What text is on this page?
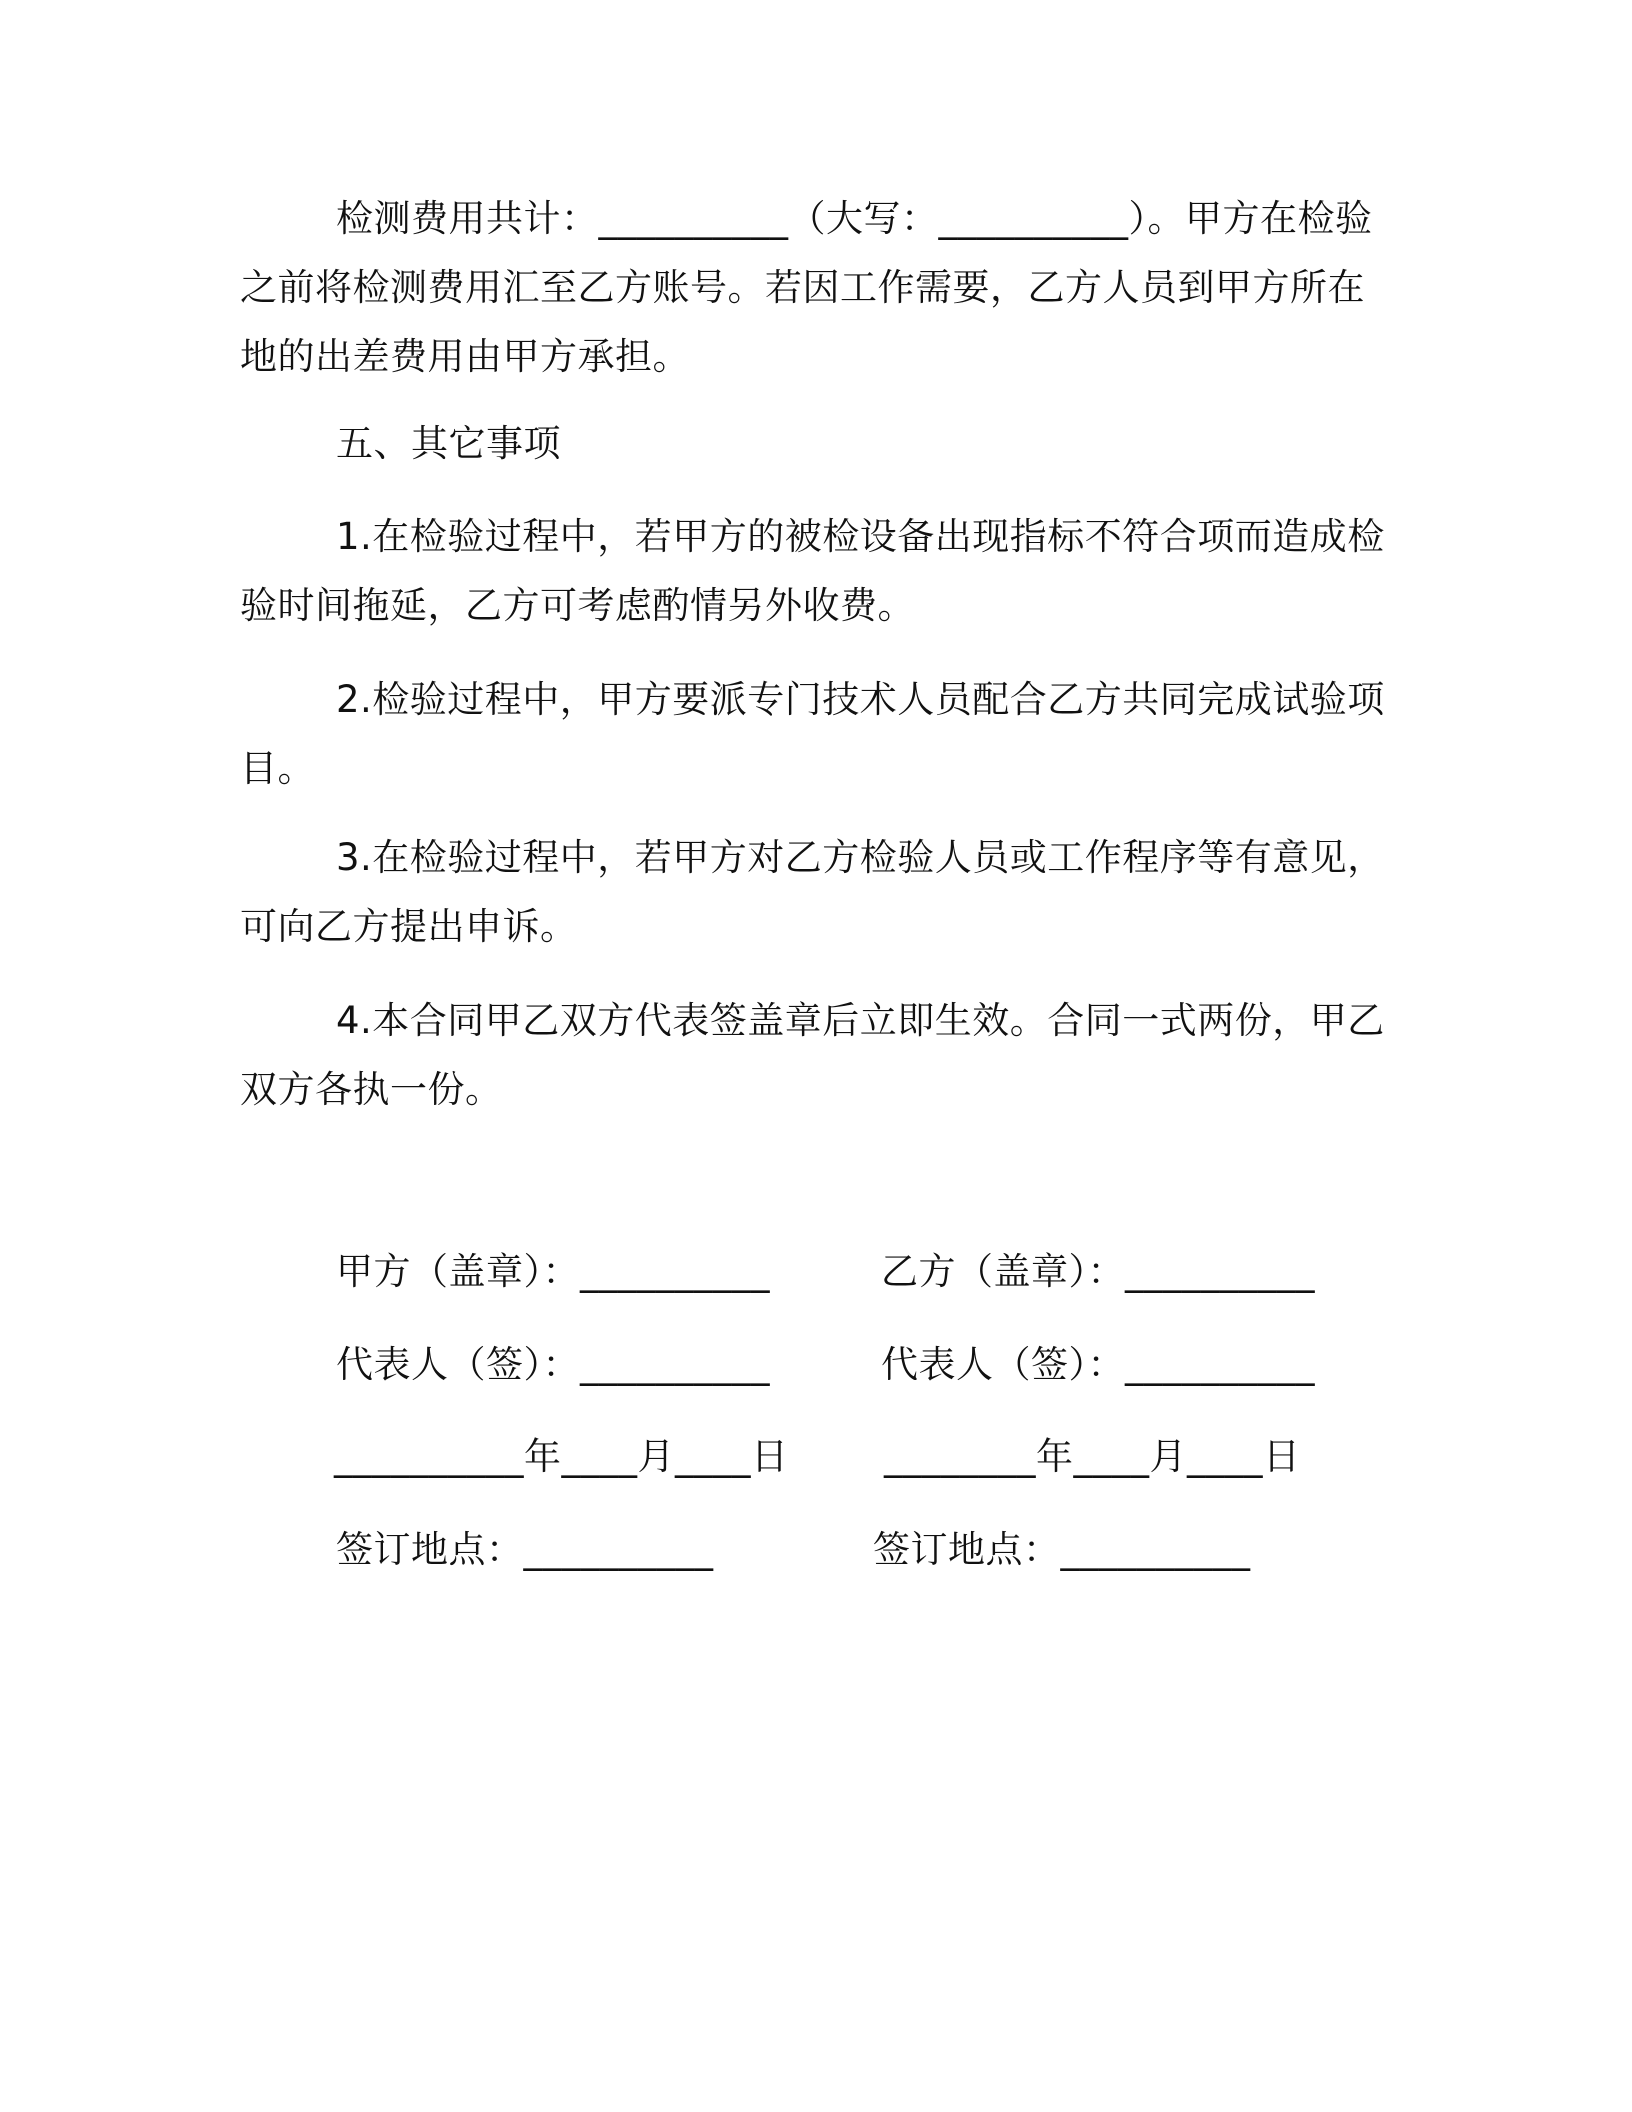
检测费用共计：__________（大写：__________）。甲方在检验之前将检测费用汇至乙方账号。若因工作需要，乙方人员到甲方所在地的出差费用由甲方承担。
五、其它事项
1.在检验过程中，若甲方的被检设备出现指标不符合项而造成检验时间拖延，乙方可考虑酌情另外收费。
2.检验过程中，甲方要派专门技术人员配合乙方共同完成试验项目。
3.在检验过程中，若甲方对乙方检验人员或工作程序等有意见，可向乙方提出申诉。
4.本合同甲乙双方代表签盖章后立即生效。合同一式两份，甲乙双方各执一份。
甲方（盖章）：__________
代表人（签）：__________
__________年____月____日
签订地点：__________
乙方（盖章）：__________
代表人（签）：__________
________年____月____日
签订地点：__________
